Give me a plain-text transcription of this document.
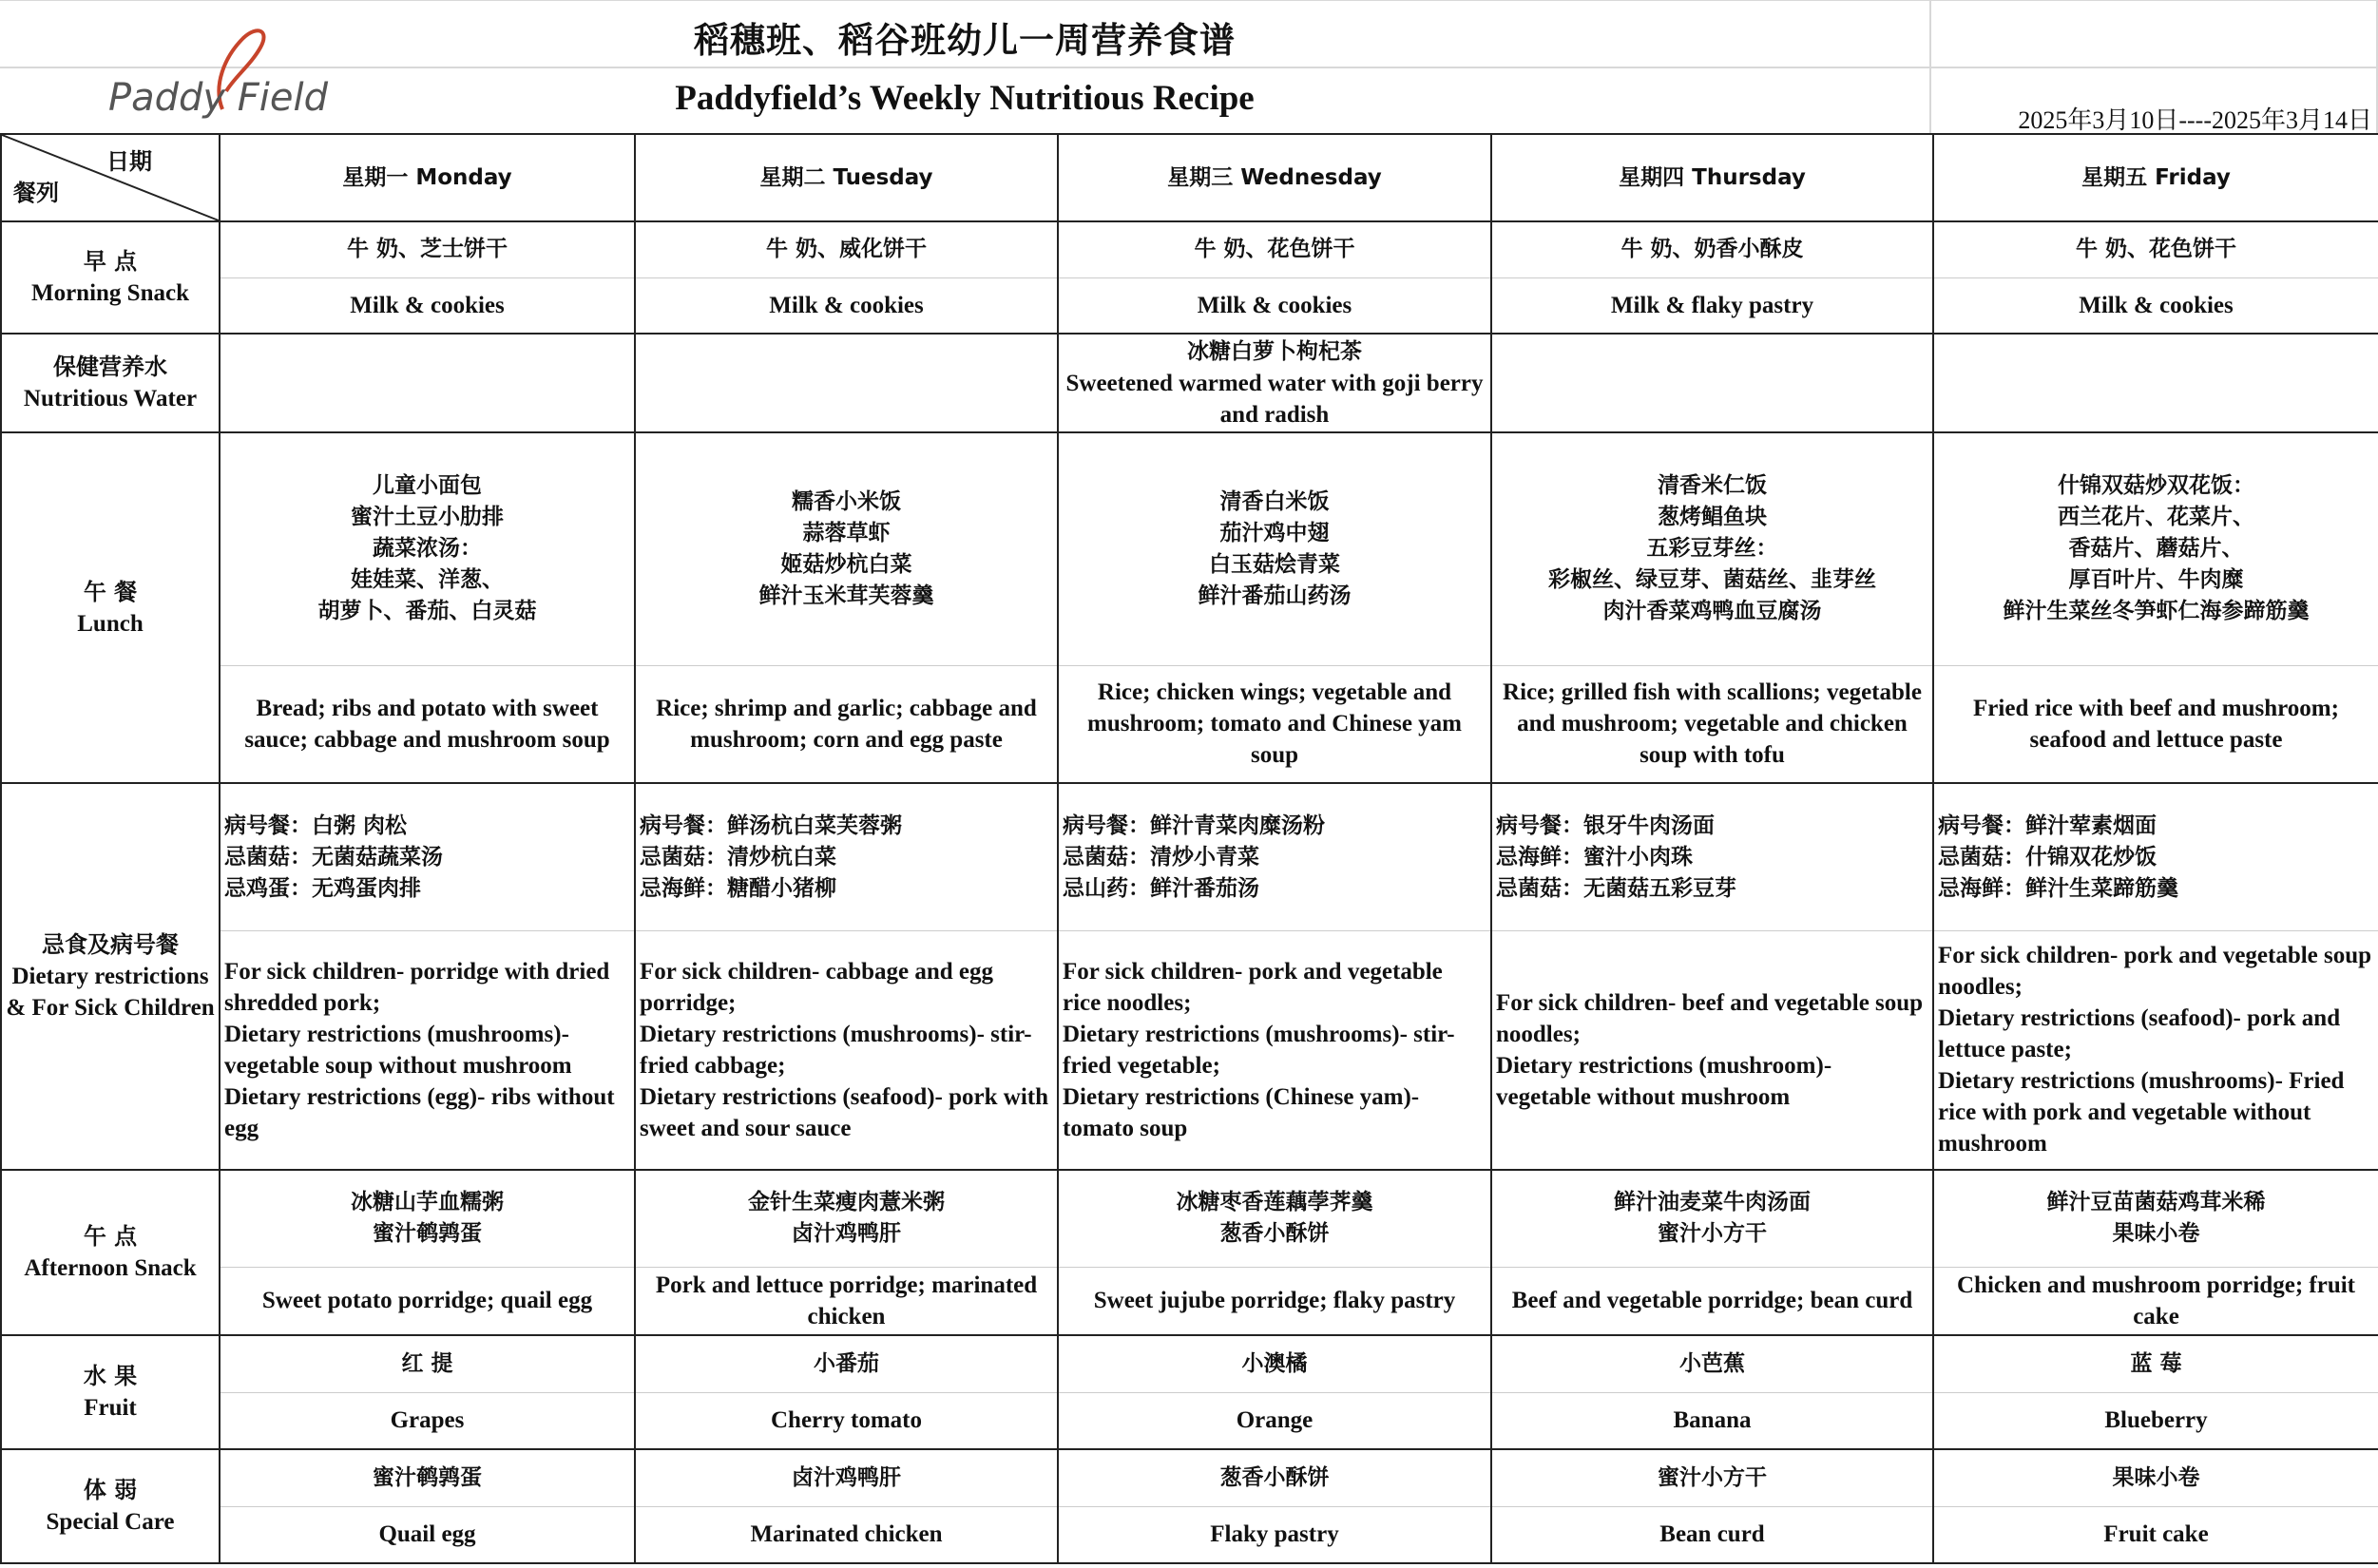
Paddy Field
稻穗班、稻谷班幼儿一周营养食谱
Paddyfield’s Weekly Nutritious Recipe
2025年3月10日----2025年3月14日
日期
餐列	星期一 Monday	星期二 Tuesday	星期三 Wednesday	星期四 Thursday	星期五 Friday

早 点
Morning Snack	牛 奶、芝士饼干	牛 奶、威化饼干	牛 奶、花色饼干	牛 奶、奶香小酥皮	牛 奶、花色饼干
	Milk & cookies	Milk & cookies	Milk & cookies	Milk & flaky pastry	Milk & cookies

保健营养水
Nutritious Water			冰糖白萝卜枸杞茶
Sweetened warmed water with goji berry and radish		

午 餐
Lunch	儿童小面包
蜜汁土豆小肋排
蔬菜浓汤：
娃娃菜、洋葱、
胡萝卜、番茄、白灵菇	糯香小米饭
蒜蓉草虾
姬菇炒杭白菜
鲜汁玉米茸芙蓉羹	清香白米饭
茄汁鸡中翅
白玉菇烩青菜
鲜汁番茄山药汤	清香米仁饭
葱烤鲳鱼块
五彩豆芽丝：
彩椒丝、绿豆芽、菌菇丝、韭芽丝
肉汁香菜鸡鸭血豆腐汤	什锦双菇炒双花饭：
西兰花片、花菜片、
香菇片、蘑菇片、
厚百叶片、牛肉糜
鲜汁生菜丝冬笋虾仁海参蹄筋羹
	Bread; ribs and potato with sweet sauce; cabbage and mushroom soup	Rice; shrimp and garlic; cabbage and mushroom; corn and egg paste	Rice; chicken wings; vegetable and mushroom; tomato and Chinese yam soup	Rice; grilled fish with scallions; vegetable and mushroom; vegetable and chicken soup with tofu	Fried rice with beef and mushroom; seafood and lettuce paste

忌食及病号餐
Dietary restrictions & For Sick Children	病号餐：白粥 肉松
忌菌菇：无菌菇蔬菜汤
忌鸡蛋：无鸡蛋肉排	病号餐：鲜汤杭白菜芙蓉粥
忌菌菇：清炒杭白菜
忌海鲜：糖醋小猪柳	病号餐：鲜汁青菜肉糜汤粉
忌菌菇：清炒小青菜
忌山药：鲜汁番茄汤	病号餐：银牙牛肉汤面
忌海鲜：蜜汁小肉珠
忌菌菇：无菌菇五彩豆芽	病号餐：鲜汁荤素烟面
忌菌菇：什锦双花炒饭
忌海鲜：鲜汁生菜蹄筋羹
	For sick children- porridge with dried shredded pork;
Dietary restrictions (mushrooms)- vegetable soup without mushroom
Dietary restrictions (egg)- ribs without egg	For sick children- cabbage and egg porridge;
Dietary restrictions (mushrooms)- stir-fried cabbage;
Dietary restrictions (seafood)- pork with sweet and sour sauce	For sick children- pork and vegetable rice noodles;
Dietary restrictions (mushrooms)- stir-fried vegetable;
Dietary restrictions (Chinese yam)- tomato soup	For sick children- beef and vegetable soup noodles;
Dietary restrictions (mushroom)- vegetable without mushroom	For sick children- pork and vegetable soup noodles;
Dietary restrictions (seafood)- pork and lettuce paste;
Dietary restrictions (mushrooms)- Fried rice with pork and vegetable without mushroom

午 点
Afternoon Snack	冰糖山芋血糯粥
蜜汁鹌鹑蛋	金针生菜瘦肉薏米粥
卤汁鸡鸭肝	冰糖枣香莲藕荸荠羹
葱香小酥饼	鲜汁油麦菜牛肉汤面
蜜汁小方干	鲜汁豆苗菌菇鸡茸米稀
果味小卷
	Sweet potato porridge; quail egg	Pork and lettuce porridge; marinated chicken	Sweet jujube porridge; flaky pastry	Beef and vegetable porridge; bean curd	Chicken and mushroom porridge; fruit cake

水 果
Fruit	红 提	小番茄	小澳橘	小芭蕉	蓝 莓
	Grapes	Cherry tomato	Orange	Banana	Blueberry

体 弱
Special Care	蜜汁鹌鹑蛋	卤汁鸡鸭肝	葱香小酥饼	蜜汁小方干	果味小卷
	Quail egg	Marinated chicken	Flaky pastry	Bean curd	Fruit cake
